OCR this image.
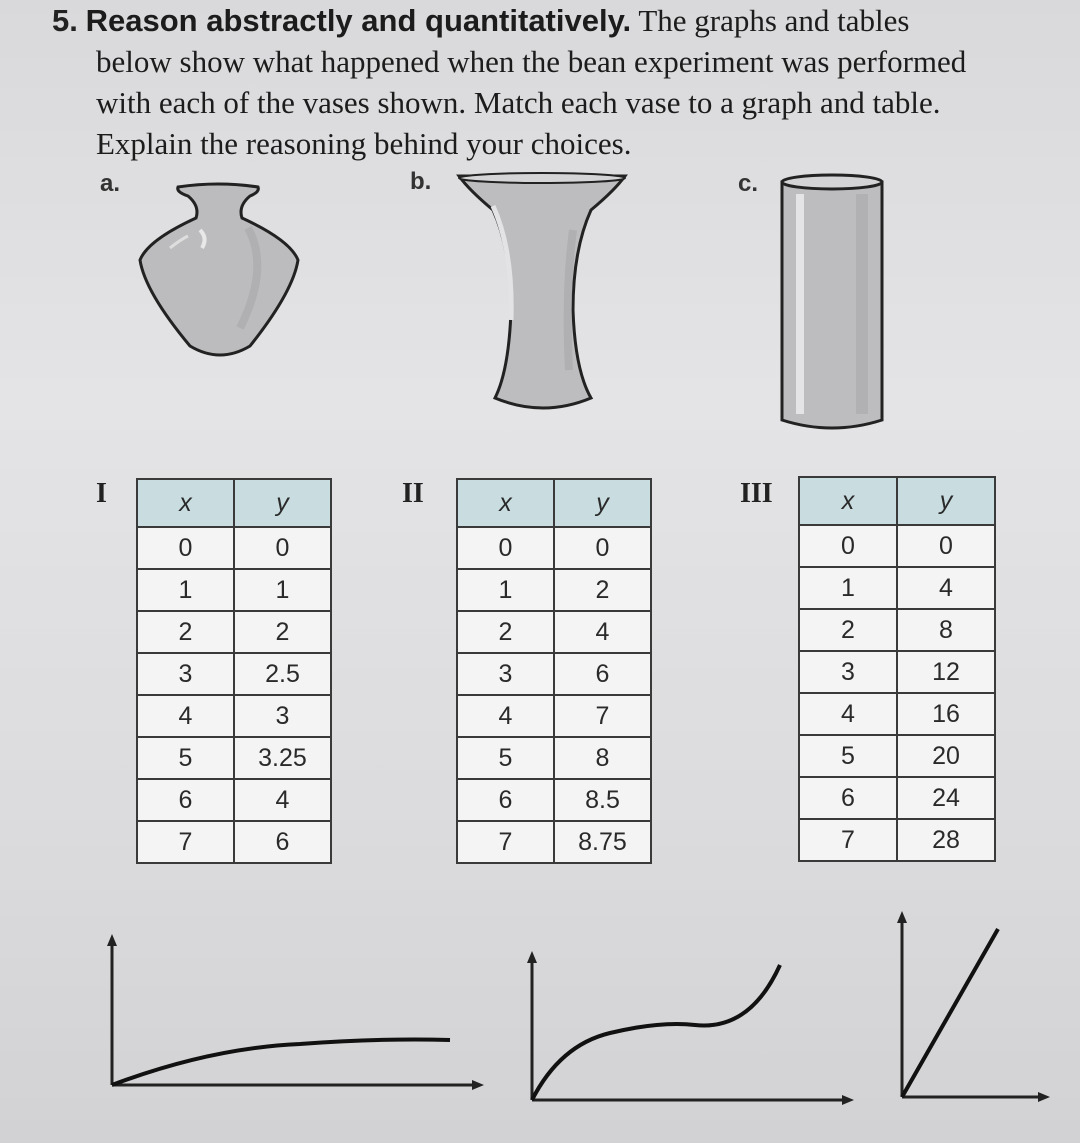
5. Reason abstractly and quantitatively. The graphs and tables
below show what happened when the bean experiment was performed
with each of the vases shown. Match each vase to a graph and table.
Explain the reasoning behind your choices.
a.	b.	c.
I	II	III
x	y
0	0
1	1
2	2
3	2.5
4	3
5	3.25
6	4
7	6
x	y
0	0
1	2
2	4
3	6
4	7
5	8
6	8.5
7	8.75
x	y
0	0
1	4
2	8
3	12
4	16
5	20
6	24
7	28
